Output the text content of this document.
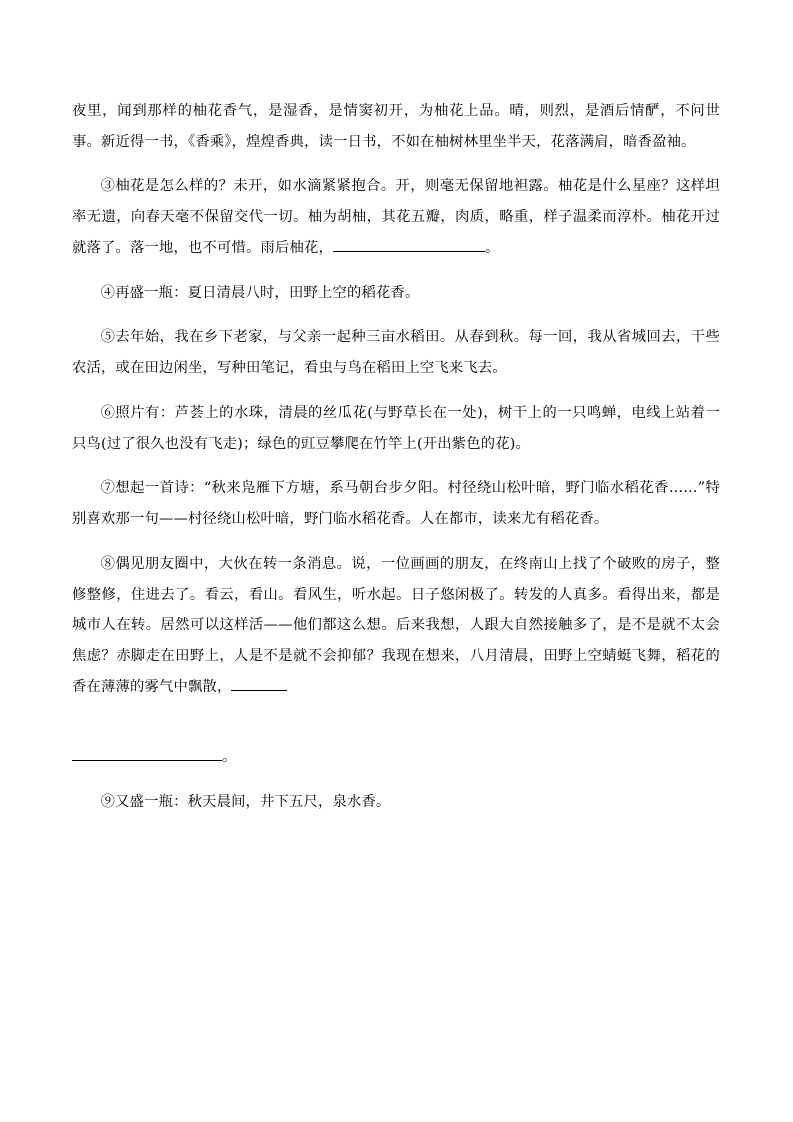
夜里，闻到那样的柚花香气，是湿香，是情窦初开，为柚花上品。晴，则烈，是酒后情酽，不问世事。新近得一书，《香乘》，煌煌香典，读一日书，不如在柚树林里坐半天，花落满肩，暗香盈袖。

③柚花是怎么样的？未开，如水滴紧紧抱合。开，则毫无保留地袒露。柚花是什么星座？这样坦率无遗，向春天毫不保留交代一切。柚为胡柚，其花五瓣，肉质，略重，样子温柔而淳朴。柚花开过就落了。落一地，也不可惜。雨后柚花，	。

④再盛一瓶：夏日清晨八时，田野上空的稻花香。

⑤去年始，我在乡下老家，与父亲一起种三亩水稻田。从春到秋。每一回，我从省城回去，干些农活，或在田边闲坐，写种田笔记，看虫与鸟在稻田上空飞来飞去。

⑥照片有：芦荟上的水珠，清晨的丝瓜花(与野草长在一处)，树干上的一只鸣蝉，电线上站着一只鸟(过了很久也没有飞走)；绿色的豇豆攀爬在竹竿上(开出紫色的花)。

⑦想起一首诗：“秋来凫雁下方塘，系马朝台步夕阳。村径绕山松叶暗，野门临水稻花香……”特别喜欢那一句——村径绕山松叶暗，野门临水稻花香。人在都市，读来尤有稻花香。

⑧偶见朋友圈中，大伙在转一条消息。说，一位画画的朋友，在终南山上找了个破败的房子，整修整修，住进去了。看云，看山。看风生，听水起。日子悠闲极了。转发的人真多。看得出来，都是城市人在转。居然可以这样活——他们都这么想。后来我想，人跟大自然接触多了，是不是就不太会焦虑？赤脚走在田野上，人是不是就不会抑郁？我现在想来，八月清晨，田野上空蜻蜓飞舞，稻花的香在薄薄的雾气中飘散，

。

⑨又盛一瓶：秋天晨间，井下五尺，泉水香。
